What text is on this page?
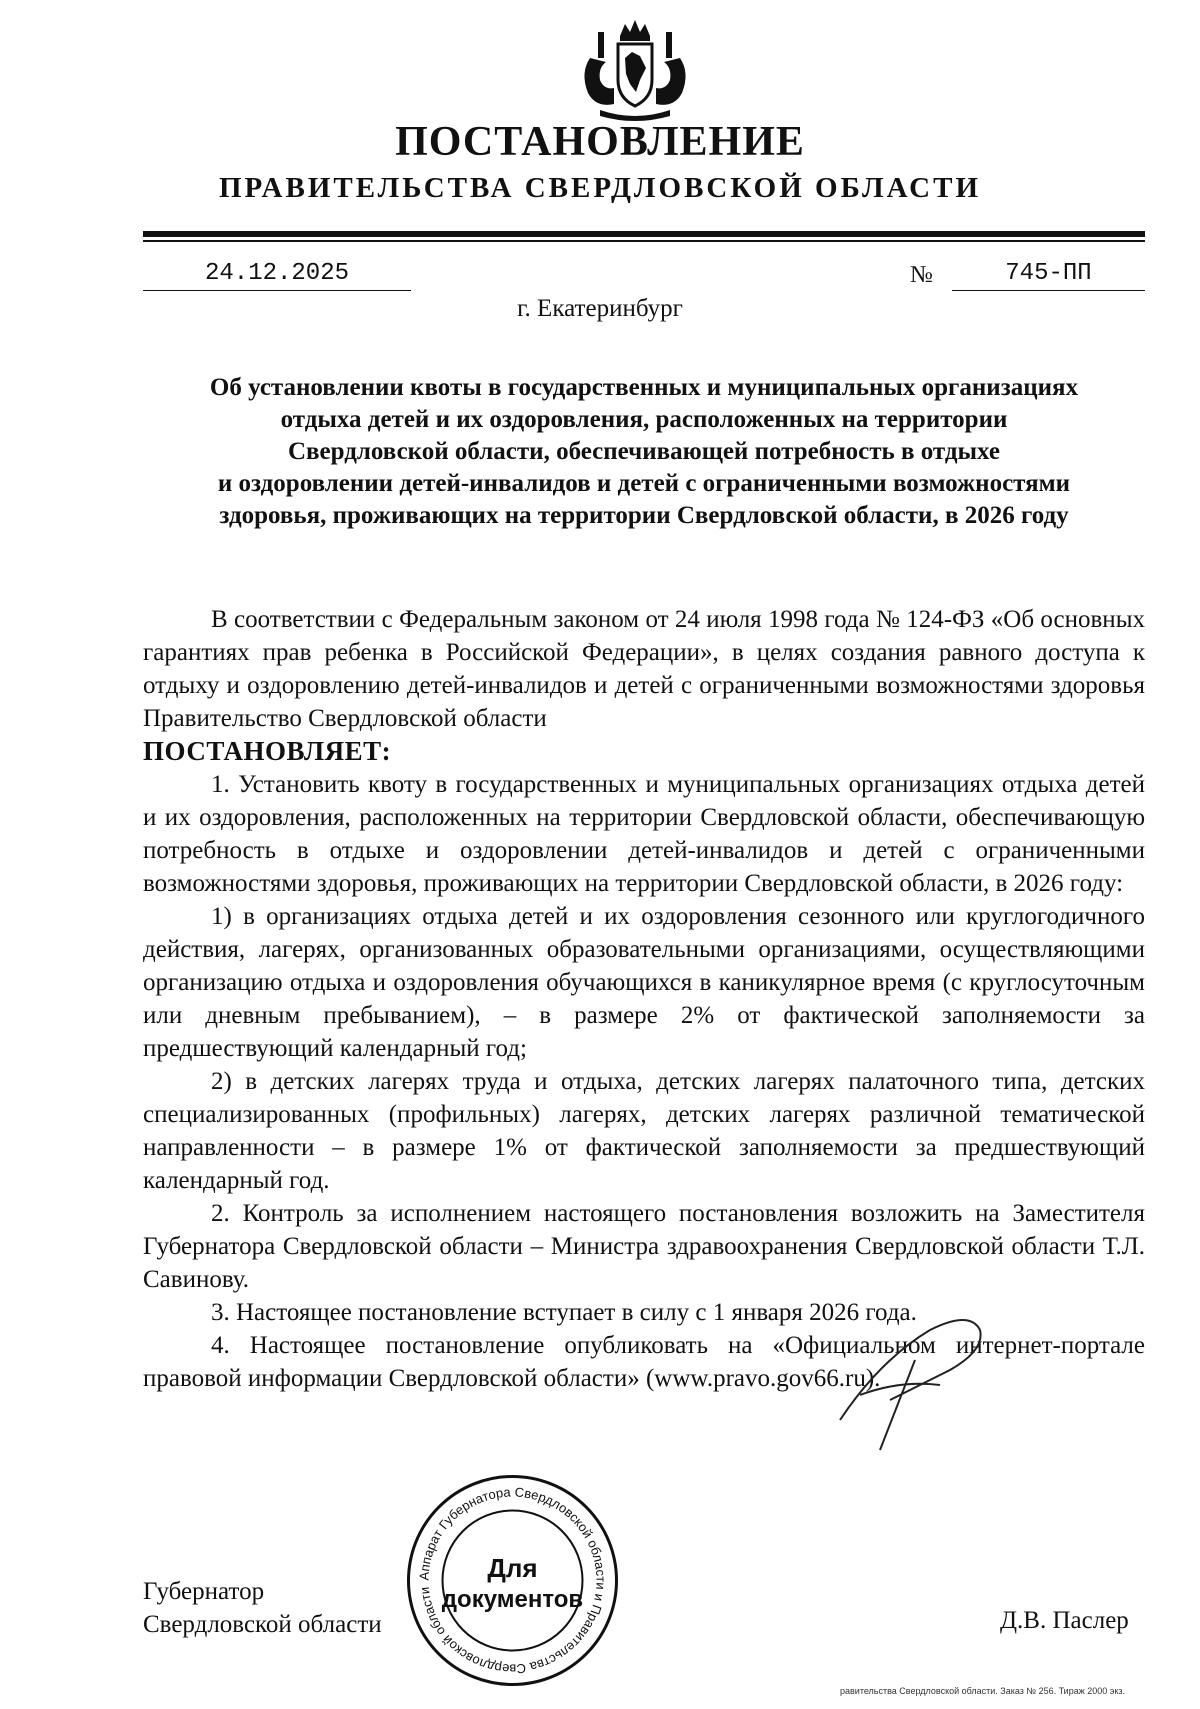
ПОСТАНОВЛЕНИЕ
ПРАВИТЕЛЬСТВА СВЕРДЛОВСКОЙ ОБЛАСТИ
24.12.2025	№	745-ПП
г. Екатеринбург
Об установлении квоты в государственных и муниципальных организациях
отдыха детей и их оздоровления, расположенных на территории
Свердловской области, обеспечивающей потребность в отдыхе
и оздоровлении детей-инвалидов и детей с ограниченными возможностями
здоровья, проживающих на территории Свердловской области, в 2026 году

В соответствии с Федеральным законом от 24 июля 1998 года № 124-ФЗ «Об основных гарантиях прав ребенка в Российской Федерации», в целях создания равного доступа к отдыху и оздоровлению детей-инвалидов и детей с ограниченными возможностями здоровья Правительство Свердловской области

ПОСТАНОВЛЯЕТ:

1. Установить квоту в государственных и муниципальных организациях отдыха детей и их оздоровления, расположенных на территории Свердловской области, обеспечивающую потребность в отдыхе и оздоровлении детей-инвалидов и детей с ограниченными возможностями здоровья, проживающих на территории Свердловской области, в 2026 году:

1) в организациях отдыха детей и их оздоровления сезонного или круглогодичного действия, лагерях, организованных образовательными организациями, осуществляющими организацию отдыха и оздоровления обучающихся в каникулярное время (с круглосуточным или дневным пребыванием), – в размере 2% от фактической заполняемости за предшествующий календарный год;

2) в детских лагерях труда и отдыха, детских лагерях палаточного типа, детских специализированных (профильных) лагерях, детских лагерях различной тематической направленности – в размере 1% от фактической заполняемости за предшествующий календарный год.

2. Контроль за исполнением настоящего постановления возложить на Заместителя Губернатора Свердловской области – Министра здравоохранения Свердловской области Т.Л. Савинову.

3. Настоящее постановление вступает в силу с 1 января 2026 года.

4. Настоящее постановление опубликовать на «Официальном интернет-портале правовой информации Свердловской области» (www.pravo.gov66.ru).

Губернатор
Свердловской области	Д.В. Паслер
Аппарат Губернатора Свердловской области и Правительства Свердловской области
Для
документов
равительства Свердловской области. Заказ № 256. Тираж 2000 экз.
